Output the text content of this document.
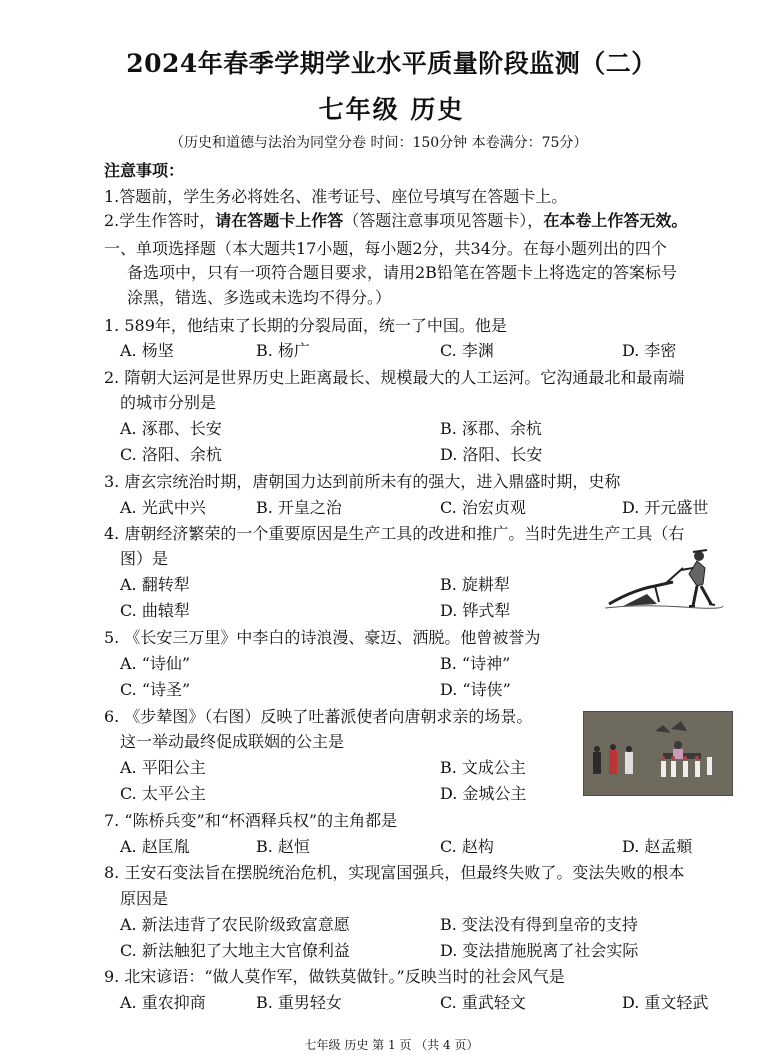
2024年春季学期学业水平质量阶段监测（二）
七年级 历史
（历史和道德与法治为同堂分卷 时间：150分钟 本卷满分：75分）
注意事项：
1.答题前，学生务必将姓名、准考证号、座位号填写在答题卡上。
2.学生作答时，请在答题卡上作答（答题注意事项见答题卡），在本卷上作答无效。
一、单项选择题（本大题共17小题，每小题2分，共34分。在每小题列出的四个
备选项中，只有一项符合题目要求，请用2B铅笔在答题卡上将选定的答案标号
涂黑，错选、多选或未选均不得分。）
1. 589年，他结束了长期的分裂局面，统一了中国。他是
A. 杨坚	B. 杨广	C. 李渊	D. 李密
2. 隋朝大运河是世界历史上距离最长、规模最大的人工运河。它沟通最北和最南端
的城市分别是
A. 涿郡、长安	B. 涿郡、余杭
C. 洛阳、余杭	D. 洛阳、长安
3. 唐玄宗统治时期，唐朝国力达到前所未有的强大，进入鼎盛时期，史称
A. 光武中兴	B. 开皇之治	C. 治宏贞观	D. 开元盛世
4. 唐朝经济繁荣的一个重要原因是生产工具的改进和推广。当时先进生产工具（右
图）是
A. 翻转犁	B. 旋耕犁
C. 曲辕犁	D. 铧式犁
5. 《长安三万里》中李白的诗浪漫、豪迈、洒脱。他曾被誉为
A. “诗仙”	B. “诗神”
C. “诗圣”	D. “诗侠”
6. 《步辇图》（右图）反映了吐蕃派使者向唐朝求亲的场景。
这一举动最终促成联姻的公主是
A. 平阳公主	B. 文成公主
C. 太平公主	D. 金城公主
7. “陈桥兵变”和“杯酒释兵权”的主角都是
A. 赵匡胤	B. 赵恒	C. 赵构	D. 赵孟頫
8. 王安石变法旨在摆脱统治危机，实现富国强兵，但最终失败了。变法失败的根本
原因是
A. 新法违背了农民阶级致富意愿	B. 变法没有得到皇帝的支持
C. 新法触犯了大地主大官僚利益	D. 变法措施脱离了社会实际
9. 北宋谚语：“做人莫作军，做铁莫做针。”反映当时的社会风气是
A. 重农抑商	B. 重男轻女	C. 重武轻文	D. 重文轻武
七年级 历史 第 1 页 （共 4 页）
